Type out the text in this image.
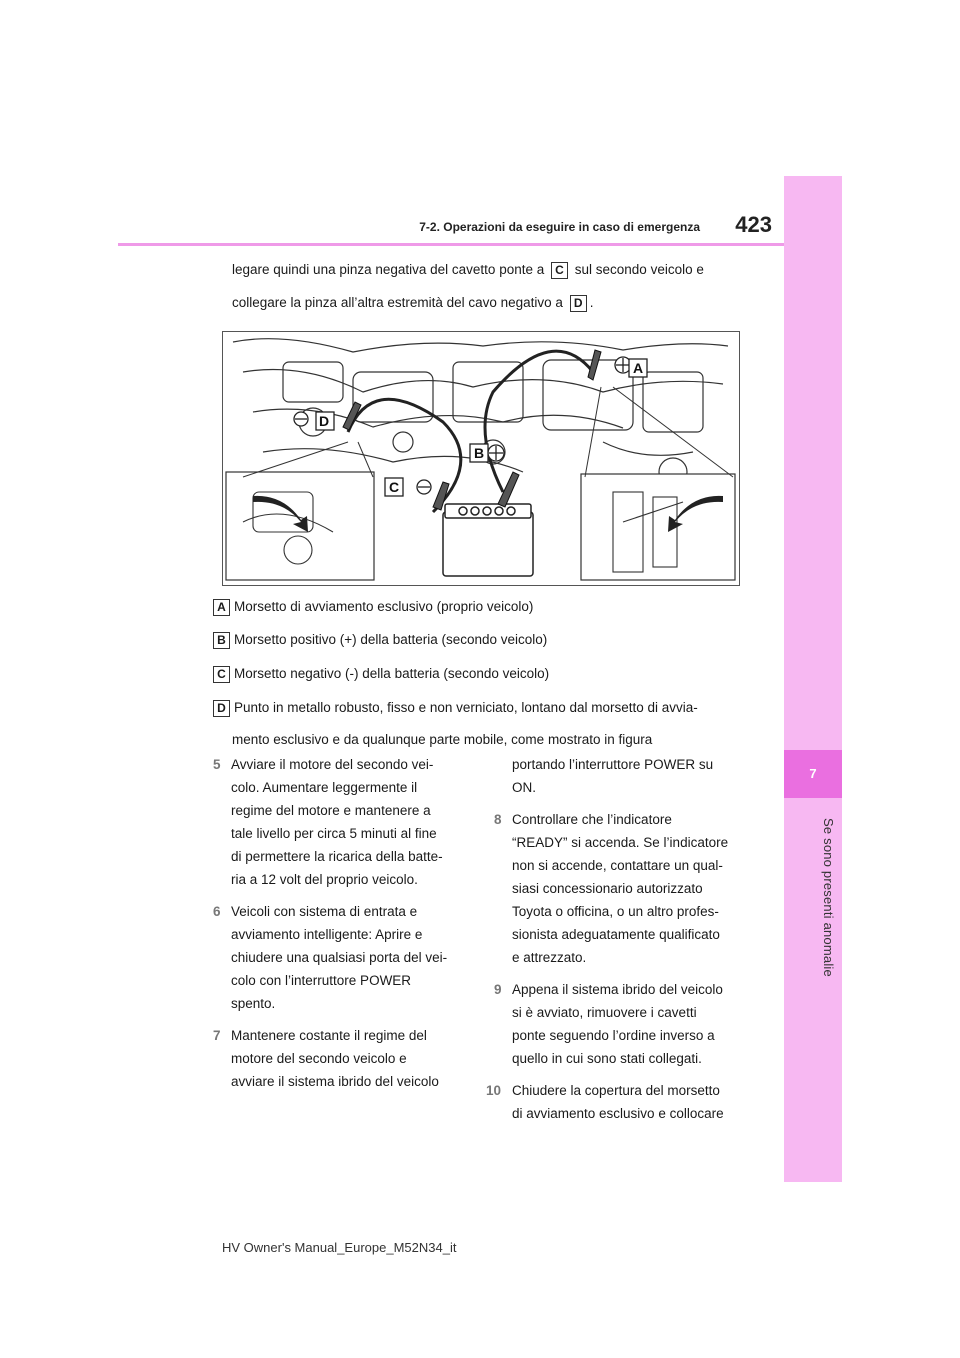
7
Se sono presenti anomalie
423
7-2. Operazioni da eseguire in caso di emergenza
legare quindi una pinza negativa del cavetto ponte a C sul secondo veicolo e
collegare la pinza all’altra estremità del cavo negativo a D .
D
A
B
C
A Morsetto di avviamento esclusivo (proprio veicolo)
B Morsetto positivo (+) della batteria (secondo veicolo)
C Morsetto negativo (-) della batteria (secondo veicolo)
D Punto in metallo robusto, fisso e non verniciato, lontano dal morsetto di avvia-
mento esclusivo e da qualunque parte mobile, come mostrato in figura
5 Avviare il motore del secondo vei-
colo. Aumentare leggermente il
regime del motore e mantenere a
tale livello per circa 5 minuti al fine
di permettere la ricarica della batte-
ria a 12 volt del proprio veicolo.
6 Veicoli con sistema di entrata e
avviamento intelligente: Aprire e
chiudere una qualsiasi porta del vei-
colo con l’interruttore POWER
spento.
7 Mantenere costante il regime del
motore del secondo veicolo e
avviare il sistema ibrido del veicolo
portando l’interruttore POWER su
ON.
8 Controllare che l’indicatore
“READY” si accenda. Se l’indicatore
non si accende, contattare un qual-
siasi concessionario autorizzato
Toyota o officina, o un altro profes-
sionista adeguatamente qualificato
e attrezzato.
9 Appena il sistema ibrido del veicolo
si è avviato, rimuovere i cavetti
ponte seguendo l’ordine inverso a
quello in cui sono stati collegati.
10 Chiudere la copertura del morsetto
di avviamento esclusivo e collocare
HV Owner's Manual_Europe_M52N34_it
